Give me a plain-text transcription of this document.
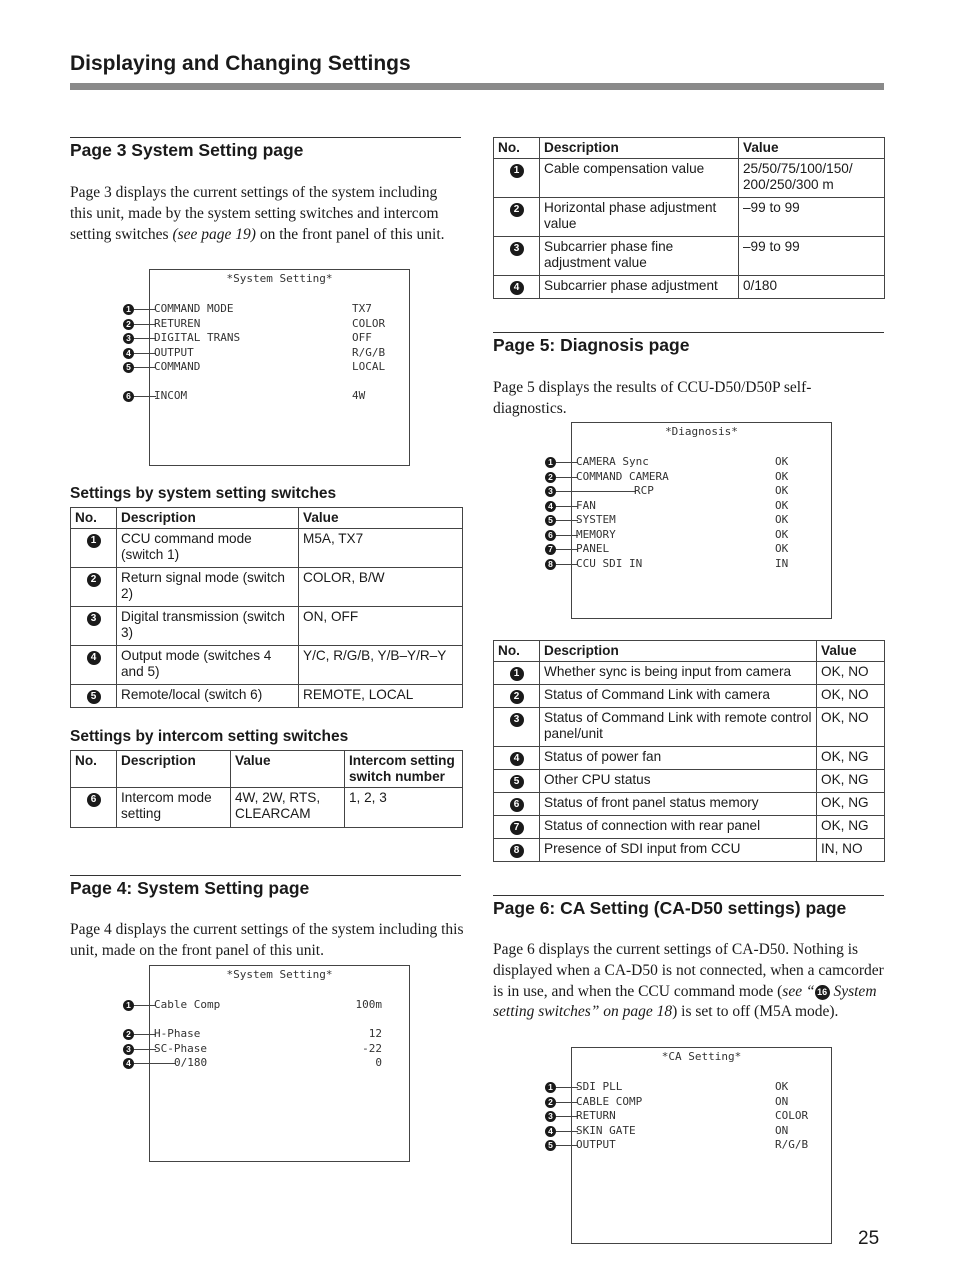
Displaying and Changing Settings
Page 3 System Setting page
Page 3 displays the current settings of the system including this unit, made by the system setting switches and intercom setting switches (see page 19) on the front panel of this unit.
*System Setting*
1 COMMAND MODE	TX7
2 RETUREN	COLOR
3 DIGITAL TRANS	OFF
4 OUTPUT	R/G/B
5 COMMAND	LOCAL
6 INCOM	4W
Settings by system setting switches
No.	Description	Value
1	CCU command mode (switch 1)	M5A, TX7
2	Return signal mode (switch 2)	COLOR, B/W
3	Digital transmission (switch 3)	ON, OFF
4	Output mode (switches 4 and 5)	Y/C, R/G/B, Y/B–Y/R–Y
5	Remote/local (switch 6)	REMOTE, LOCAL
Settings by intercom setting switches
No.	Description	Value	Intercom setting switch number
6	Intercom mode setting	4W, 2W, RTS, CLEARCAM	1, 2, 3
Page 4: System Setting page
Page 4 displays the current settings of the system including this unit, made on the front panel of this unit.
*System Setting*
1 Cable Comp	100m
2 H-Phase	12
3 SC-Phase	-22
4	0/180	0
No.	Description	Value
1	Cable compensation value	25/50/75/100/150/ 200/250/300 m
2	Horizontal phase adjustment value	–99 to 99
3	Subcarrier phase fine adjustment value	–99 to 99
4	Subcarrier phase adjustment	0/180
Page 5: Diagnosis page
Page 5 displays the results of CCU-D50/D50P self-diagnostics.
*Diagnosis*
1 CAMERA Sync	OK
2 COMMAND CAMERA	OK
3	RCP	OK
4 FAN	OK
5 SYSTEM	OK
6 MEMORY	OK
7 PANEL	OK
8 CCU SDI IN	IN
No.	Description	Value
1	Whether sync is being input from camera	OK, NO
2	Status of Command Link with camera	OK, NO
3	Status of Command Link with remote control panel/unit	OK, NO
4	Status of power fan	OK, NG
5	Other CPU status	OK, NG
6	Status of front panel status memory	OK, NG
7	Status of connection with rear panel	OK, NG
8	Presence of SDI input from CCU	IN, NO
Page 6: CA Setting (CA-D50 settings) page
Page 6 displays the current settings of CA-D50. Nothing is displayed when a CA-D50 is not connected, when a camcorder is in use, and when the CCU command mode (see “ 16 System setting switches” on page 18) is set to off (M5A mode).
*CA Setting*
1 SDI PLL	OK
2 CABLE COMP	ON
3 RETURN	COLOR
4 SKIN GATE	ON
5 OUTPUT	R/G/B
25
